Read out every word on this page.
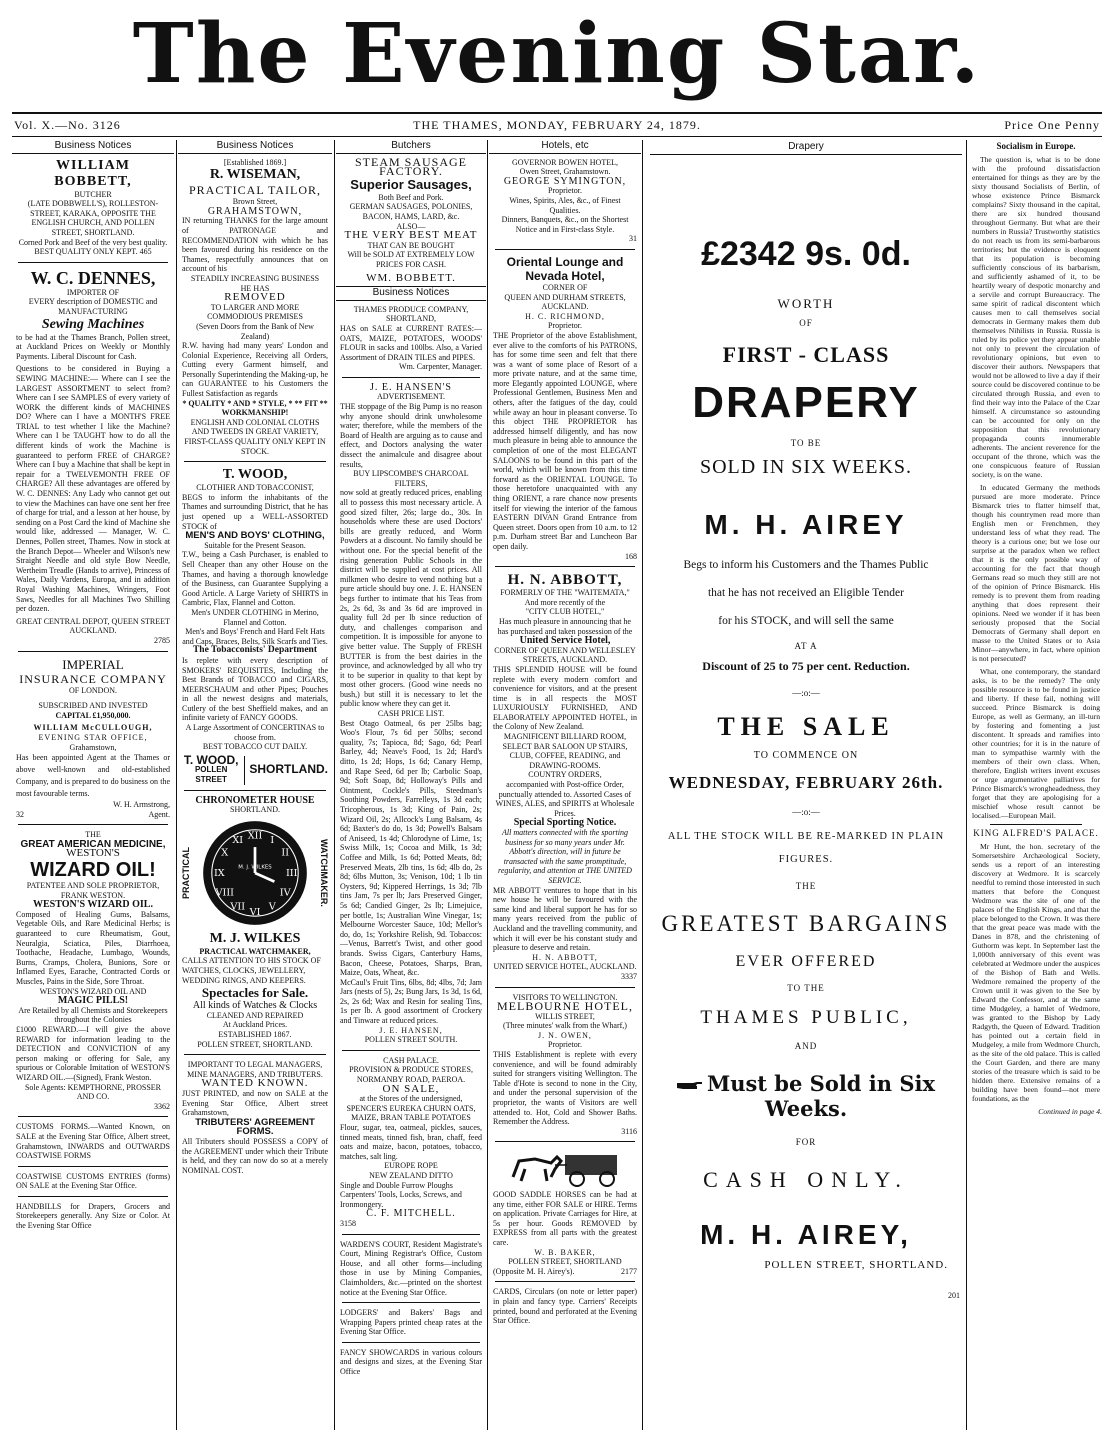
The Evening Star.
Vol. X.—No. 3126	THE THAMES, MONDAY, FEBRUARY 24, 1879.	Price One Penny
Business Notices
WILLIAM BOBBETT,
BUTCHER
(LATE DOBBWELL'S), ROLLESTON-STREET, KARAKA, OPPOSITE THE ENGLISH CHURCH, AND POLLEN STREET, SHORTLAND.
Corned Pork and Beef of the very best quality.
BEST QUALITY ONLY KEPT. 465
W. C. DENNES,
IMPORTER OF
EVERY description of DOMESTIC and MANUFACTURING
Sewing Machines
to be had at the Thames Branch, Pollen street, at Auckland Prices on Weekly or Monthly Payments. Liberal Discount for Cash.
Questions to be considered in Buying a SEWING MACHINE:— Where can I see the LARGEST ASSORTMENT to select from? Where can I see SAMPLES of every variety of WORK the different kinds of MACHINES DO? Where can I have a MONTH'S FREE TRIAL to test whether I like the Machine? Where can I be TAUGHT how to do all the different kinds of work the Machine is guaranteed to perform FREE of CHARGE? Where can I buy a Machine that shall be kept in repair for a TWELVEMONTH FREE OF CHARGE? All these advantages are offered by W. C. DENNES: Any Lady who cannot get out to view the Machines can have one sent her free of charge for trial, and a lesson at her house, by sending on a Post Card the kind of Machine she would like, addressed — Manager, W. C. Dennes, Pollen street, Thames. Now in stock at the Branch Depot— Wheeler and Wilson's new Straight Needle and old style Bow Needle, Wertheim Treadle (Hands to arrive), Princess of Wales, Daily Vardens, Europa, and in addition Royal Washing Machines, Wringers, Foot Saws, Needles for all Machines Two Shilling per dozen.
GREAT CENTRAL DEPOT, QUEEN STREET AUCKLAND.
2785
IMPERIAL
INSURANCE COMPANY
OF LONDON.
SUBSCRIBED AND INVESTED
CAPITAL £1,950,000.
WILLIAM McCULLOUGH,
EVENING STAR OFFICE,
Grahamstown,
Has been appointed Agent at the Thames or above well-known and old-established Company, and is prepared to do business on the most favourable terms.
W. H. Armstrong,
32	Agent.
THE
GREAT AMERICAN MEDICINE,
WESTON'S
WIZARD OIL!
PATENTEE AND SOLE PROPRIETOR, FRANK WESTON.
WESTON'S WIZARD OIL.
Composed of Healing Gums, Balsams, Vegetable Oils, and Rare Medicinal Herbs; is guaranteed to cure Rheumatism, Gout, Neuralgia, Sciatica, Piles, Diarrhoea, Toothache, Headache, Lumbago, Wounds, Burns, Cramps, Cholera, Bunions, Sore or Inflamed Eyes, Earache, Contracted Cords or Muscles, Pains in the Side, Sore Throat.
WESTON'S WIZARD OIL AND
MAGIC PILLS!
Are Retailed by all Chemists and Storekeepers throughout the Colonies
£1000 REWARD.—I will give the above REWARD for information leading to the DETECTION and CONVICTION of any person making or offering for Sale, any spurious or Colorable Imitation of WESTON'S WIZARD OIL.—(Signed), Frank Weston.
Sole Agents: KEMPTHORNE, PROSSER AND CO.
3362
CUSTOMS FORMS.—Wanted Known, on SALE at the Evening Star Office, Albert street, Grahamstown, INWARDS and OUTWARDS COASTWISE FORMS
COASTWISE CUSTOMS ENTRIES (forms) ON SALE at the Evening Star Office.
HANDBILLS for Drapers, Grocers and Storekeepers generally. Any Size or Color. At the Evening Star Office
Business Notices
[Established 1869.]
R. WISEMAN,
PRACTICAL TAILOR,
Brown Street,
GRAHAMSTOWN,
IN returning THANKS for the large amount of PATRONAGE and RECOMMENDATION with which he has been favoured during his residence on the Thames, respectfully announces that on account of his
STEADILY INCREASING BUSINESS
HE HAS
REMOVED
TO LARGER AND MORE COMMODIOUS PREMISES
(Seven Doors from the Bank of New Zealand)
R.W. having had many years' London and Colonial Experience, Receiving all Orders, Cutting every Garment himself, and Personally Superintending the Making-up, he can GUARANTEE to his Customers the Fullest Satisfaction as regards
* QUALITY * AND * STYLE, * ** FIT **
WORKMANSHIP!
ENGLISH AND COLONIAL CLOTHS AND TWEEDS IN GREAT VARIETY,
FIRST-CLASS QUALITY ONLY KEPT IN STOCK.
T. WOOD,
CLOTHIER AND TOBACCONIST,
BEGS to inform the inhabitants of the Thames and surrounding District, that he has just opened up a WELL-ASSORTED STOCK of
MEN'S AND BOYS' CLOTHING,
Suitable for the Present Season.
T.W., being a Cash Purchaser, is enabled to Sell Cheaper than any other House on the Thames, and having a thorough knowledge of the Business, can Guarantee Supplying a Good Article. A Large Variety of SHIRTS in Cambric, Flax, Flannel and Cotton.
Men's UNDER CLOTHING in Merino, Flannel and Cotton.
Men's and Boys' French and Hard Felt Hats and Caps, Braces, Belts, Silk Scarfs and Ties.
The Tobacconists' Department
Is replete with every description of SMOKERS' REQUISITES, Including the Best Brands of TOBACCO and CIGARS, MEERSCHAUM and other Pipes; Pouches in all the newest designs and materials, Cutlery of the best Sheffield makes, and an infinite variety of FANCY GOODS.
A Large Assortment of CONCERTINAS to choose from.
BEST TOBACCO CUT DAILY.
T. WOOD,
POLLEN STREET
SHORTLAND.
CHRONOMETER HOUSE
SHORTLAND.
PRACTICAL
XII I
II
III
IV
V
VI
VII
VIII
IX
X
XI
M. J. WILKES	WATCHMAKER.
M. J. WILKES
PRACTICAL WATCHMAKER,
CALLS ATTENTION TO HIS STOCK OF WATCHES, CLOCKS, JEWELLERY, WEDDING RINGS, AND KEEPERS.
Spectacles for Sale.
All kinds of Watches & Clocks
CLEANED AND REPAIRED
At Auckland Prices.
ESTABLISHED 1867.
POLLEN STREET, SHORTLAND.
IMPORTANT TO LEGAL MANAGERS, MINE MANAGERS, AND TRIBUTERS.
WANTED KNOWN.
JUST PRINTED, and now on SALE at the Evening Star Office, Albert street Grahamstown,
TRIBUTERS' AGREEMENT FORMS.
All Tributers should POSSESS a COPY of the AGREEMENT under which their Tribute is held, and they can now do so at a merely NOMINAL COST.
Butchers
STEAM SAUSAGE FACTORY.
Superior Sausages,
Both Beef and Pork.
GERMAN SAUSAGES, POLONIES,
BACON, HAMS, LARD, &c.
ALSO—
THE VERY BEST MEAT
THAT CAN BE BOUGHT
Will be SOLD AT EXTREMELY LOW
PRICES FOR CASH.
WM. BOBBETT.
Business Notices
THAMES PRODUCE COMPANY, SHORTLAND,
HAS on SALE at CURRENT RATES:— OATS, MAIZE, POTATOES, WOODS' FLOUR in sacks and 100lbs. Also, a Varied Assortment of DRAIN TILES and PIPES.
Wm. Carpenter, Manager.
J. E. HANSEN'S
ADVERTISEMENT.
THE stoppage of the Big Pump is no reason why anyone should drink unwholesome water; therefore, while the members of the Board of Health are arguing as to cause and effect, and Doctors analysing the water dissect the animalcule and disagree about results,
BUY LIPSCOMBE'S CHARCOAL FILTERS,
now sold at greatly reduced prices, enabling all to possess this most necessary article. A good sized filter, 26s; large do., 30s. In households where these are used Doctors' bills are greatly reduced, and Worm Powders at a discount. No family should be without one. For the special benefit of the rising generation Public Schools in the district will be supplied at cost prices. All milkmen who desire to vend nothing but a pure article should buy one. J. E. HANSEN begs further to intimate that his Teas from 2s, 2s 6d, 3s and 3s 6d are improved in quality full 2d per lb since reduction of duty, and challenges comparison and competition. It is impossible for anyone to give better value. The Supply of FRESH BUTTER is from the best dairies in the province, and acknowledged by all who try it to be superior in quality to that kept by most other grocers. (Good wine needs no bush,) but still it is necessary to let the public know where they can get it.
CASH PRICE LIST.
Best Otago Oatmeal, 6s per 25lbs bag; Woo's Flour, 7s 6d per 50lbs; second quality, 7s; Tapioca, 8d; Sago, 6d; Pearl Barley, 4d; Neave's Food, 1s 2d; Hard's ditto, 1s 2d; Hops, 1s 6d; Canary Hemp, and Rape Seed, 6d per lb; Carbolic Soap, 9d; Soft Soap, 8d; Holloway's Pills and Ointment, Cockle's Pills, Steedman's Soothing Powders, Farrelleys, 1s 3d each; Tricopherous, 1s 3d; King of Pain, 2s; Wizard Oil, 2s; Allcock's Lung Balsam, 4s 6d; Baxter's do do, 1s 3d; Powell's Balsam of Aniseed, 1s 4d; Chlorodyne of Lime, 1s; Swiss Milk, 1s; Cocoa and Milk, 1s 3d; Coffee and Milk, 1s 6d; Potted Meats, 8d; Preserved Meats, 2lb tins, 1s 6d; 4lb do, 2s 8d; 6lbs Mutton, 3s; Venison, 10d; 1 lb tin Oysters, 9d; Kippered Herrings, 1s 3d; 7lb tins Jam, 7s per lb; Jars Preserved Ginger, 5s 6d; Candied Ginger, 2s lb; Limejuice, per bottle, 1s; Australian Wine Vinegar, 1s; Melbourne Worcester Sauce, 10d; Mellor's do, do, 1s; Yorkshire Relish, 9d. Tobaccos: —Venus, Barrett's Twist, and other good brands. Swiss Cigars, Canterbury Hams, Bacon, Cheese, Potatoes, Sharps, Bran, Maize, Oats, Wheat, &c.
McCaul's Fruit Tins, 6lbs, 8d; 4lbs, 7d; Jam Jars (nests of 5), 2s; Bung Jars, 1s 3d, 1s 6d, 2s, 2s 6d; Wax and Resin for sealing Tins, 1s per lb. A good assortment of Crockery and Tinware at reduced prices.
J. E. HANSEN,
POLLEN STREET SOUTH.
CASH PALACE.
PROVISION & PRODUCE STORES, NORMANBY ROAD, PAEROA.
ON SALE,
at the Stores of the undersigned,
SPENCER'S EUREKA CHURN OATS, MAIZE, BRAN TABLE POTATOES
Flour, sugar, tea, oatmeal, pickles, sauces, tinned meats, tinned fish, bran, chaff, feed oats and maize, bacon, potatoes, tobacco, matches, salt ling.
EUROPE ROPE
NEW ZEALAND DITTO
Single and Double Furrow Ploughs Carpenters' Tools, Locks, Screws, and Ironmongery.
C. F. MITCHELL.
3158
WARDEN'S COURT, Resident Magistrate's Court, Mining Registrar's Office, Custom House, and all other forms—including those in use by Mining Companies, Claimholders, &c.—printed on the shortest notice at the Evening Star Office.
LODGERS' and Bakers' Bags and Wrapping Papers printed cheap rates at the Evening Star Office.
FANCY SHOWCARDS in various colours and designs and sizes, at the Evening Star Office
Hotels, etc
GOVERNOR BOWEN HOTEL,
Owen Street, Grahamstown.
GEORGE SYMINGTON,
Proprietor.
Wines, Spirits, Ales, &c., of Finest Qualities.
Dinners, Banquets, &c., on the Shortest Notice and in First-class Style.
31
Oriental Lounge and Nevada Hotel,
CORNER OF
QUEEN AND DURHAM STREETS,
AUCKLAND.
H. C. RICHMOND,
Proprietor.
THE Proprietor of the above Establishment, ever alive to the comforts of his PATRONS, has for some time seen and felt that there was a want of some place of Resort of a more private nature, and at the same time, more Elegantly appointed LOUNGE, where Professional Gentlemen, Business Men and others, after the fatigues of the day, could while away an hour in pleasant converse. To this object THE PROPRIETOR has addressed himself diligently, and has now much pleasure in being able to announce the completion of one of the most ELEGANT SALOONS to be found in this part of the world, which will be known from this time forward as the ORIENTAL LOUNGE. To those heretofore unacquainted with any thing ORIENT, a rare chance now presents itself for viewing the interior of the famous EASTERN DIVAN Grand Entrance from Queen street. Doors open from 10 a.m. to 12 p.m. Durham street Bar and Luncheon Bar open daily.
168
H. N. ABBOTT,
FORMERLY OF THE "WAITEMATA," And more recently of the
"CITY CLUB HOTEL,"
Has much pleasure in announcing that he has purchased and taken possession of the
United Service Hotel,
CORNER OF QUEEN AND WELLESLEY STREETS, AUCKLAND.
THIS SPLENDID HOUSE will be found replete with every modern comfort and convenience for visitors, and at the present time is in all respects the MOST LUXURIOUSLY FURNISHED, AND ELABORATELY APPOINTED HOTEL, in the Colony of New Zealand.
MAGNIFICENT BILLIARD ROOM,
SELECT BAR SALOON UP STAIRS, CLUB, COFFEE, READING, and DRAWING-ROOMS.
COUNTRY ORDERS,
accompanied with Post-office Order, punctually attended to. Assorted Cases of WINES, ALES, and SPIRITS at Wholesale Prices.
Special Sporting Notice.
All matters connected with the sporting business for so many years under Mr. Abbott's direction, will in future be transacted with the same promptitude, regularity, and attention at THE UNITED SERVICE.
MR ABBOTT ventures to hope that in his new house he will be favoured with the same kind and liberal support he has for so many years received from the public of Auckland and the travelling community, and which it will ever be his constant study and pleasure to deserve and retain.
H. N. ABBOTT,
UNITED SERVICE HOTEL, AUCKLAND.
3337
VISITORS TO WELLINGTON.
MELBOURNE HOTEL,
WILLIS STREET,
(Three minutes' walk from the Wharf,)
J. N. OWEN,
Proprietor.
THIS Establishment is replete with every convenience, and will be found admirably suited for strangers visiting Wellington. The Table d'Hote is second to none in the City, and under the personal supervision of the proprietor, the wants of Visitors are well attended to. Hot, Cold and Shower Baths. Remember the Address.
3116
GOOD SADDLE HORSES can be had at any time, either FOR SALE or HIRE. Terms on application. Private Carriages for Hire, at 5s per hour. Goods REMOVED by EXPRESS from all parts with the greatest care.
W. B. BAKER,
POLLEN STREET, SHORTLAND
(Opposite M. H. Airey's).	2177
CARDS, Circulars (on note or letter paper) in plain and fancy type. Carriers' Receipts printed, bound and perforated at the Evening Star Office.
Drapery
£2342 9s. 0d.
WORTH
OF
FIRST - CLASS
DRAPERY
TO BE
SOLD IN SIX WEEKS.
M. H. AIREY
Begs to inform his Customers and the Thames Public
that he has not received an Eligible Tender
for his STOCK, and will sell the same
AT A
Discount of 25 to 75 per cent. Reduction.
—:o:—
THE SALE
TO COMMENCE ON
WEDNESDAY, FEBRUARY 26th.
—:o:—
ALL THE STOCK WILL BE RE-MARKED IN PLAIN
FIGURES.
THE
GREATEST BARGAINS
EVER OFFERED
TO THE
THAMES PUBLIC,
AND
Must be Sold in Six Weeks.
FOR
CASH ONLY.
M. H. AIREY,
POLLEN STREET, SHORTLAND.
201
Socialism in Europe.

The question is, what is to be done with the profound dissatisfaction entertained for things as they are by the sixty thousand Socialists of Berlin, of whose existence Prince Bismarck complains? Sixty thousand in the capital, there are six hundred thousand throughout Germany. But what are their numbers in Russia? Trustworthy statistics do not reach us from its semi-barbarous territories; but the evidence is eloquent that its population is becoming sufficiently conscious of its barbarism, and sufficiently ashamed of it, to be heartily weary of despotic monarchy and a servile and corrupt Bureaucracy. The same spirit of radical discontent which causes men to call themselves social democrats in Germany makes them dub themselves Nihilists in Russia. Russia is ruled by its police yet they appear unable not only to prevent the circulation of revolutionary opinions, but even to discover their authors. Newspapers that would not be allowed to live a day if their source could be discovered continue to be circulated through Russia, and even to find their way into the Palace of the Czar himself. A circumstance so astounding can be accounted for only on the supposition that this revolutionary propaganda counts innumerable adherents. The ancient reverence for the occupant of the throne, which was the one conspicuous feature of Russian society, is on the wane.

In educated Germany the methods pursued are more moderate. Prince Bismarck tries to flatter himself that, though his countrymen read more than English men or Frenchmen, they understand less of what they read. The theory is a curious one; but we lose our surprise at the paradox when we reflect that it is the only possible way of accounting for the fact that though Germans read so much they still are not of the opinion of Prince Bismarck. His remedy is to prevent them from reading anything that does represent their opinions. Need we wonder if it has been seriously proposed that the Social Democrats of Germany shall deport en masse to the United States or to Asia Minor—anywhere, in fact, where opinion is not persecuted?

What, one contemporary, the standard asks, is to be the remedy? The only possible resource is to be found in justice and liberty. If these fail, nothing will succeed. Prince Bismarck is doing Europe, as well as Germany, an ill-turn by fostering and fomenting a just discontent. It spreads and ramifies into other countries; for it is in the nature of man to sympathise warmly with the members of their own class. When, therefore, English writers invent excuses or urge argumentative palliatives for Prince Bismarck's wrongheadedness, they forget that they are apologising for a mischief whose result cannot be localised.—European Mail.

KING ALFRED'S PALACE.

Mr Hunt, the hon. secretary of the Somersetshire Archæological Society, sends us a report of an interesting discovery at Wedmore. It is scarcely needful to remind those interested in such matters that before the Conquest Wedmore was the site of one of the palaces of the English Kings, and that the place belonged to the Crown. It was there that the great peace was made with the Danes in 878, and the christening of Guthorm was kept. In September last the 1,000th anniversary of this event was celebrated at Wedmore under the auspices of the Bishop of Bath and Wells. Wedmore remained the property of the Crown until it was given to the See by Edward the Confessor, and at the same time Mudgeley, a hamlet of Wedmore, was granted to the Bishop by Lady Radgyth, the Queen of Edward. Tradition has pointed out a certain field in Mudgeley, a mile from Wedmore Church, as the site of the old palace. This is called the Court Garden, and there are many stories of the treasure which is said to be hidden there. Extensive remains of a building have been found—not mere foundations, as the

Continued in page 4.
